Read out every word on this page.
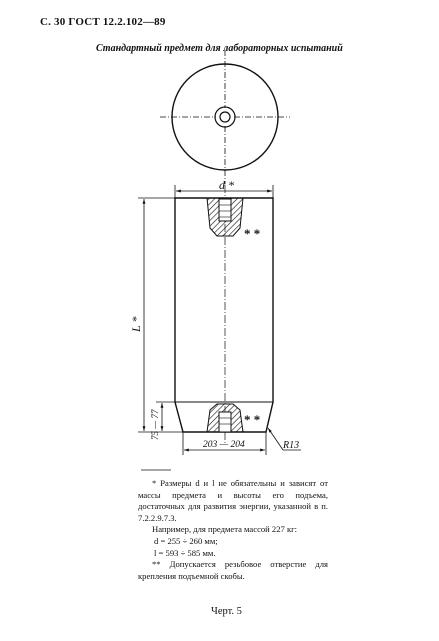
С. 30 ГОСТ 12.2.102—89
Стандартный предмет для лабораторных испытаний
d *
L *
75 — 77
203 — 204	R13
* *
* *

* Размеры d и l не обязательны и зависят от массы предмета и высоты его подъема, достаточных для развития энергии, указанной в п. 7.2.2.9.7.3.

Например, для предмета массой 227 кг:

d = 255 ÷ 260 мм;

l = 593 ÷ 585 мм.

** Допускается резьбовое отверстие для крепления подъемной скобы.

Черт. 5
